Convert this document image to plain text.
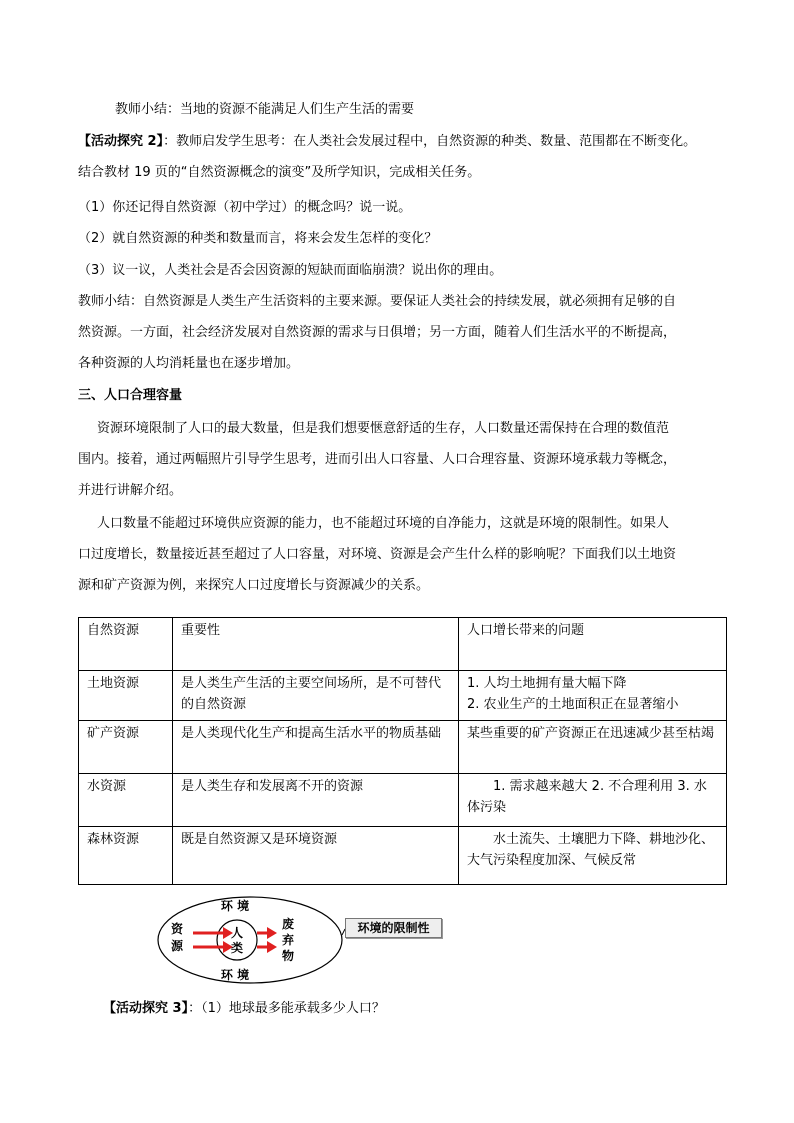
教师小结：当地的资源不能满足人们生产生活的需要
【活动探究 2】：教师启发学生思考：在人类社会发展过程中，自然资源的种类、数量、范围都在不断变化。
结合教材 19 页的“自然资源概念的演变”及所学知识，完成相关任务。
（1）你还记得自然资源（初中学过）的概念吗？说一说。
（2）就自然资源的种类和数量而言，将来会发生怎样的变化？
（3）议一议，人类社会是否会因资源的短缺而面临崩溃？说出你的理由。
教师小结：自然资源是人类生产生活资料的主要来源。要保证人类社会的持续发展，就必须拥有足够的自
然资源。一方面，社会经济发展对自然资源的需求与日俱增；另一方面，随着人们生活水平的不断提高，
各种资源的人均消耗量也在逐步增加。
三、人口合理容量
资源环境限制了人口的最大数量，但是我们想要惬意舒适的生存，人口数量还需保持在合理的数值范
围内。接着，通过两幅照片引导学生思考，进而引出人口容量、人口合理容量、资源环境承载力等概念，
并进行讲解介绍。
人口数量不能超过环境供应资源的能力，也不能超过环境的自净能力，这就是环境的限制性。如果人
口过度增长，数量接近甚至超过了人口容量，对环境、资源是会产生什么样的影响呢？下面我们以土地资
源和矿产资源为例，来探究人口过度增长与资源减少的关系。
自然资源	重要性	人口增长带来的问题
土地资源	是人类生产生活的主要空间场所，是不可替代的自然资源	1. 人均土地拥有量大幅下降
2. 农业生产的土地面积正在显著缩小
矿产资源	是人类现代化生产和提高生活水平的物质基础	某些重要的矿产资源正在迅速减少甚至枯竭
水资源	是人类生存和发展离不开的资源	　　1. 需求越来越大 2. 不合理利用 3. 水体污染
森林资源	既是自然资源又是环境资源	　　水土流失、土壤肥力下降、耕地沙化、大气污染程度加深、气候反常
环 境
环 境
资
源
人
类
废
弃
物
环境的限制性
【活动探究 3】：（1）地球最多能承载多少人口？
